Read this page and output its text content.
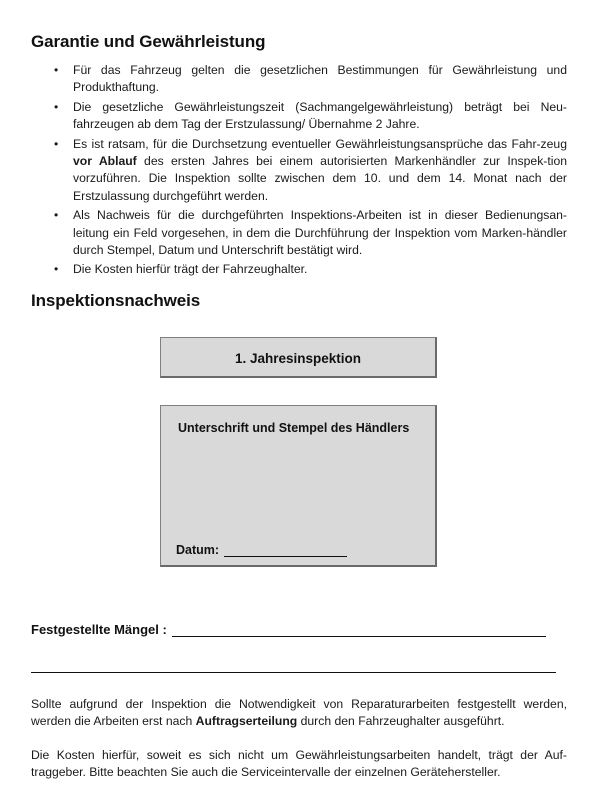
Garantie und Gewährleistung
• Für das Fahrzeug gelten die gesetzlichen Bestimmungen für Gewährleistung und Produkthaftung.
• Die gesetzliche Gewährleistungszeit (Sachmangelgewährleistung) beträgt bei Neu-fahrzeugen ab dem Tag der Erstzulassung/ Übernahme 2 Jahre.
• Es ist ratsam, für die Durchsetzung eventueller Gewährleistungsansprüche das Fahr-zeug vor Ablauf des ersten Jahres bei einem autorisierten Markenhändler zur Inspek-tion vorzuführen. Die Inspektion sollte zwischen dem 10. und dem 14. Monat nach der Erstzulassung durchgeführt werden.
• Als Nachweis für die durchgeführten Inspektions-Arbeiten ist in dieser Bedienungsan-leitung ein Feld vorgesehen, in dem die Durchführung der Inspektion vom Marken-händler durch Stempel, Datum und Unterschrift bestätigt wird.
• Die Kosten hierfür trägt der Fahrzeughalter.
Inspektionsnachweis
1. Jahresinspektion
Unterschrift und Stempel des Händlers
Datum:
Festgestellte Mängel :

Sollte aufgrund der Inspektion die Notwendigkeit von Reparaturarbeiten festgestellt werden, werden die Arbeiten erst nach Auftragserteilung durch den Fahrzeughalter ausgeführt.

Die Kosten hierfür, soweit es sich nicht um Gewährleistungsarbeiten handelt, trägt der Auf-traggeber. Bitte beachten Sie auch die Serviceintervalle der einzelnen Gerätehersteller.
